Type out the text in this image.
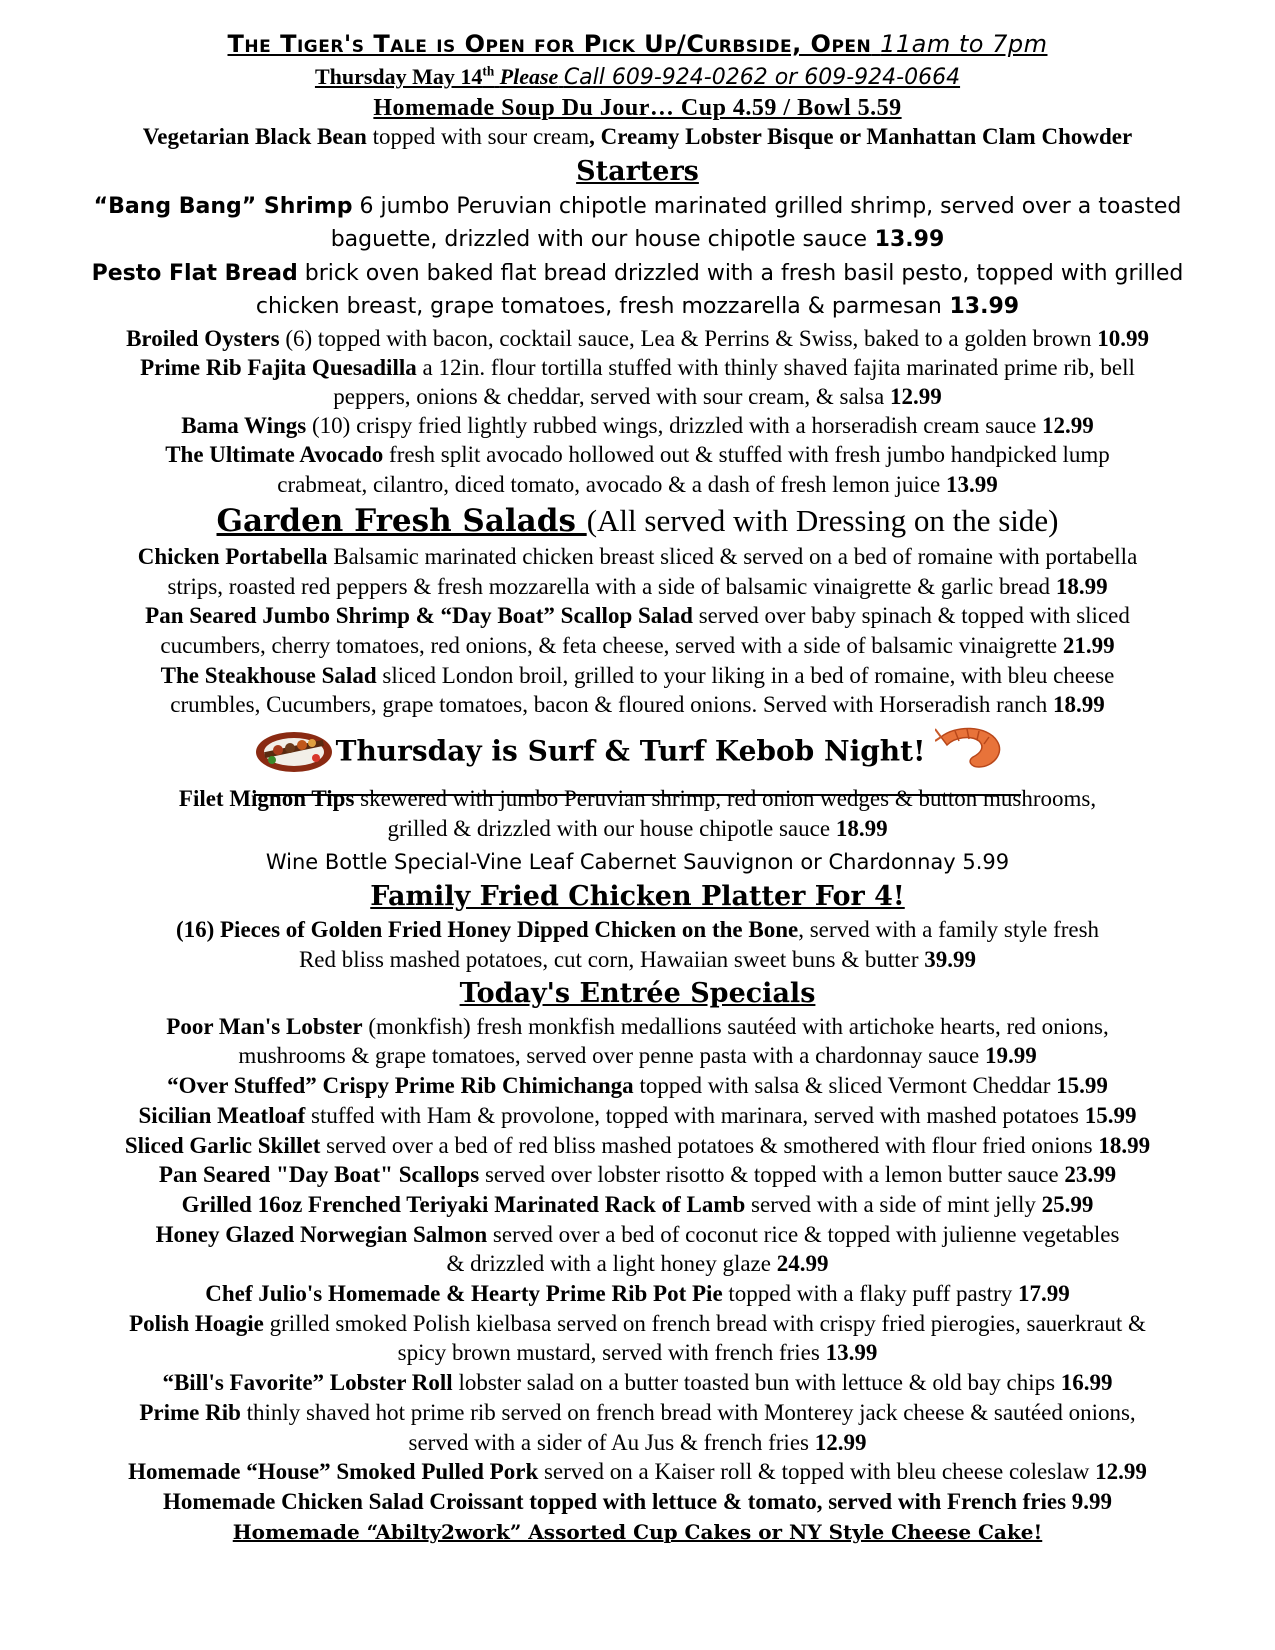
The Tiger's Tale is Open for Pick Up/Curbside, Open 11am to 7pm
Thursday May 14th Please Call 609-924-0262 or 609-924-0664
Homemade Soup Du Jour… Cup 4.59 / Bowl 5.59
Vegetarian Black Bean topped with sour cream, Creamy Lobster Bisque or Manhattan Clam Chowder
Starters
“Bang Bang” Shrimp 6 jumbo Peruvian chipotle marinated grilled shrimp, served over a toasted
baguette, drizzled with our house chipotle sauce 13.99
Pesto Flat Bread brick oven baked flat bread drizzled with a fresh basil pesto, topped with grilled
chicken breast, grape tomatoes, fresh mozzarella & parmesan 13.99
Broiled Oysters (6) topped with bacon, cocktail sauce, Lea & Perrins & Swiss, baked to a golden brown 10.99
Prime Rib Fajita Quesadilla a 12in. flour tortilla stuffed with thinly shaved fajita marinated prime rib, bell
peppers, onions & cheddar, served with sour cream, & salsa 12.99
Bama Wings (10) crispy fried lightly rubbed wings, drizzled with a horseradish cream sauce 12.99
The Ultimate Avocado fresh split avocado hollowed out & stuffed with fresh jumbo handpicked lump
crabmeat, cilantro, diced tomato, avocado & a dash of fresh lemon juice 13.99
Garden Fresh Salads (All served with Dressing on the side)
Chicken Portabella Balsamic marinated chicken breast sliced & served on a bed of romaine with portabella
strips, roasted red peppers & fresh mozzarella with a side of balsamic vinaigrette & garlic bread 18.99
Pan Seared Jumbo Shrimp & “Day Boat” Scallop Salad served over baby spinach & topped with sliced
cucumbers, cherry tomatoes, red onions, & feta cheese, served with a side of balsamic vinaigrette 21.99
The Steakhouse Salad sliced London broil, grilled to your liking in a bed of romaine, with bleu cheese
crumbles, Cucumbers, grape tomatoes, bacon & floured onions. Served with Horseradish ranch 18.99
Thursday is Surf & Turf Kebob Night!
Filet Mignon Tips skewered with jumbo Peruvian shrimp, red onion wedges & button mushrooms,
grilled & drizzled with our house chipotle sauce 18.99
Wine Bottle Special-Vine Leaf Cabernet Sauvignon or Chardonnay 5.99
Family Fried Chicken Platter For 4!
(16) Pieces of Golden Fried Honey Dipped Chicken on the Bone, served with a family style fresh
Red bliss mashed potatoes, cut corn, Hawaiian sweet buns & butter 39.99
Today's Entrée Specials
Poor Man's Lobster (monkfish) fresh monkfish medallions sautéed with artichoke hearts, red onions,
mushrooms & grape tomatoes, served over penne pasta with a chardonnay sauce 19.99
“Over Stuffed” Crispy Prime Rib Chimichanga topped with salsa & sliced Vermont Cheddar 15.99
Sicilian Meatloaf stuffed with Ham & provolone, topped with marinara, served with mashed potatoes 15.99
Sliced Garlic Skillet served over a bed of red bliss mashed potatoes & smothered with flour fried onions 18.99
Pan Seared "Day Boat" Scallops served over lobster risotto & topped with a lemon butter sauce 23.99
Grilled 16oz Frenched Teriyaki Marinated Rack of Lamb served with a side of mint jelly 25.99
Honey Glazed Norwegian Salmon served over a bed of coconut rice & topped with julienne vegetables
& drizzled with a light honey glaze 24.99
Chef Julio's Homemade & Hearty Prime Rib Pot Pie topped with a flaky puff pastry 17.99
Polish Hoagie grilled smoked Polish kielbasa served on french bread with crispy fried pierogies, sauerkraut &
spicy brown mustard, served with french fries 13.99
“Bill's Favorite” Lobster Roll lobster salad on a butter toasted bun with lettuce & old bay chips 16.99
Prime Rib thinly shaved hot prime rib served on french bread with Monterey jack cheese & sautéed onions,
served with a sider of Au Jus & french fries 12.99
Homemade “House” Smoked Pulled Pork served on a Kaiser roll & topped with bleu cheese coleslaw 12.99
Homemade Chicken Salad Croissant topped with lettuce & tomato, served with French fries 9.99
Homemade “Abilty2work” Assorted Cup Cakes or NY Style Cheese Cake!
